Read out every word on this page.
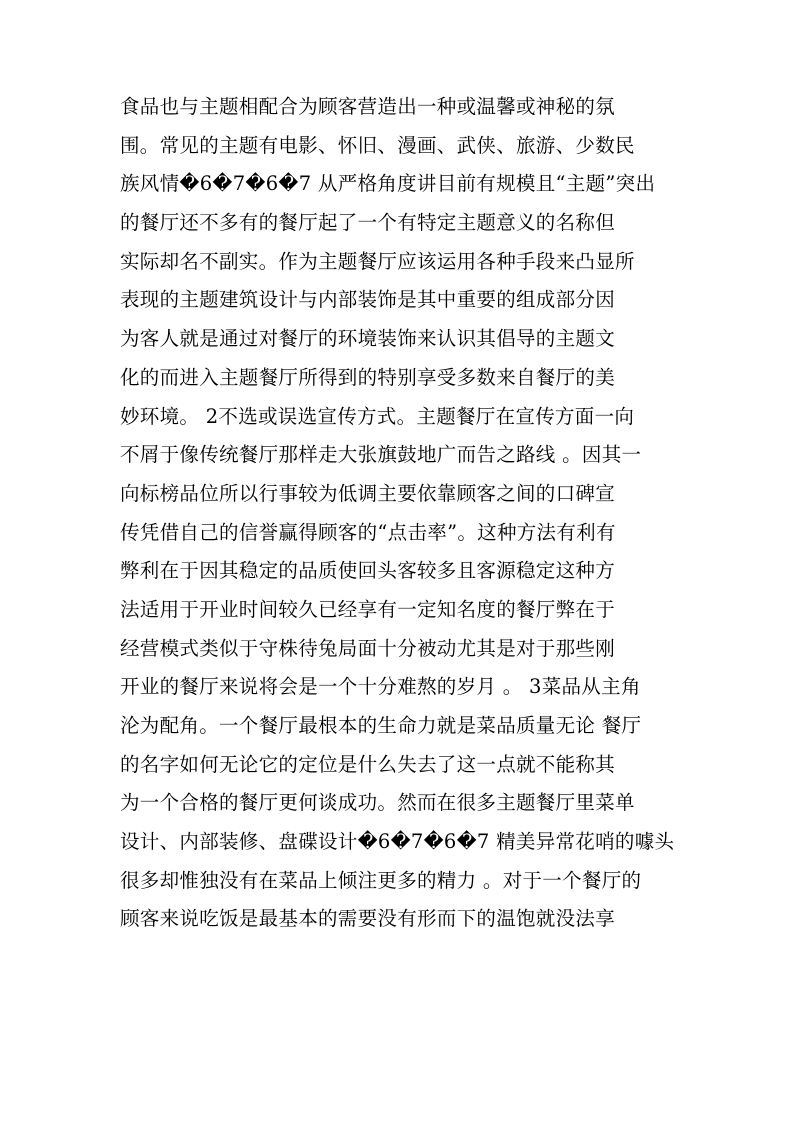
食品也与主题相配合为顾客营造出一种或温馨或神秘的氛
围。常见的主题有电影、怀旧、漫画、武侠、旅游、少数民
族风情�6�7�6�7 从严格角度讲目前有规模且“主题”突出
的餐厅还不多有的餐厅起了一个有特定主题意义的名称但
实际却名不副实。作为主题餐厅应该运用各种手段来凸显所
表现的主题建筑设计与内部装饰是其中重要的组成部分因
为客人就是通过对餐厅的环境装饰来认识其倡导的主题文
化的而进入主题餐厅所得到的特别享受多数来自餐厅的美
妙环境。 2不选或误选宣传方式。主题餐厅在宣传方面一向
不屑于像传统餐厅那样走大张旗鼓地广而告之路线 。因其一
向标榜品位所以行事较为低调主要依靠顾客之间的口碑宣
传凭借自己的信誉赢得顾客的“点击率”。这种方法有利有
弊利在于因其稳定的品质使回头客较多且客源稳定这种方
法适用于开业时间较久已经享有一定知名度的餐厅弊在于
经营模式类似于守株待兔局面十分被动尤其是对于那些刚
开业的餐厅来说将会是一个十分难熬的岁月 。 3菜品从主角
沦为配角。一个餐厅最根本的生命力就是菜品质量无论 餐厅
的名字如何无论它的定位是什么失去了这一点就不能称其
为一个合格的餐厅更何谈成功。然而在很多主题餐厅里菜单
设计、内部装修、盘碟设计�6�7�6�7 精美异常花哨的噱头
很多却惟独没有在菜品上倾注更多的精力 。对于一个餐厅的
顾客来说吃饭是最基本的需要没有形而下的温饱就没法享
